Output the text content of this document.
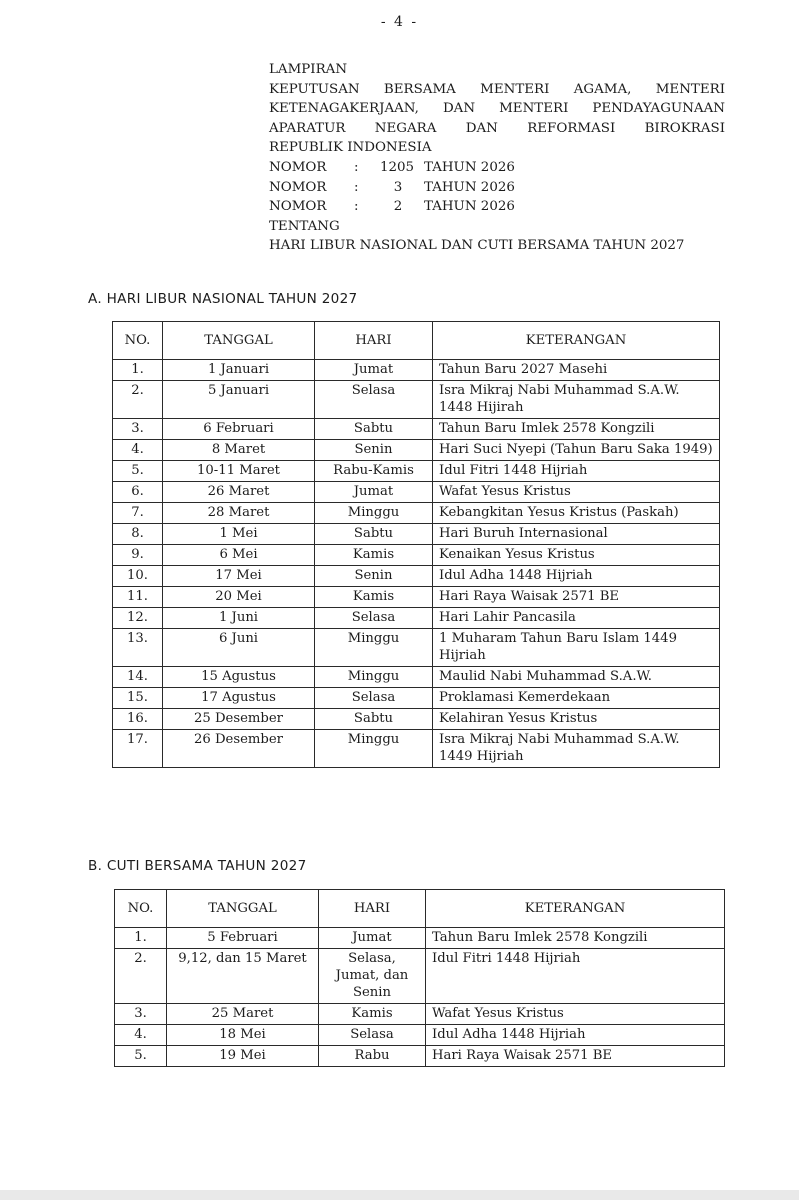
- 4 -
LAMPIRAN
KEPUTUSAN BERSAMA MENTERI AGAMA, MENTERI
KETENAGAKERJAAN, DAN MENTERI PENDAYAGUNAAN
APARATUR NEGARA DAN REFORMASI BIROKRASI
REPUBLIK INDONESIA
NOMOR	:	1205 TAHUN 2026
NOMOR	:	3	TAHUN 2026
NOMOR	:	2	TAHUN 2026
TENTANG
HARI LIBUR NASIONAL DAN CUTI BERSAMA TAHUN 2027
A. HARI LIBUR NASIONAL TAHUN 2027
NO.	TANGGAL	HARI	KETERANGAN
1.	1 Januari	Jumat	Tahun Baru 2027 Masehi
2.	5 Januari	Selasa	Isra Mikraj Nabi Muhammad S.A.W. 1448 Hijirah
3.	6 Februari	Sabtu	Tahun Baru Imlek 2578 Kongzili
4.	8 Maret	Senin	Hari Suci Nyepi (Tahun Baru Saka 1949)
5.	10-11 Maret	Rabu-Kamis	Idul Fitri 1448 Hijriah
6.	26 Maret	Jumat	Wafat Yesus Kristus
7.	28 Maret	Minggu	Kebangkitan Yesus Kristus (Paskah)
8.	1 Mei	Sabtu	Hari Buruh Internasional
9.	6 Mei	Kamis	Kenaikan Yesus Kristus
10.	17 Mei	Senin	Idul Adha 1448 Hijriah
11.	20 Mei	Kamis	Hari Raya Waisak 2571 BE
12.	1 Juni	Selasa	Hari Lahir Pancasila
13.	6 Juni	Minggu	1 Muharam Tahun Baru Islam 1449 Hijriah
14.	15 Agustus	Minggu	Maulid Nabi Muhammad S.A.W.
15.	17 Agustus	Selasa	Proklamasi Kemerdekaan
16.	25 Desember	Sabtu	Kelahiran Yesus Kristus
17.	26 Desember	Minggu	Isra Mikraj Nabi Muhammad S.A.W. 1449 Hijriah
B. CUTI BERSAMA TAHUN 2027
NO.	TANGGAL	HARI	KETERANGAN
1.	5 Februari	Jumat	Tahun Baru Imlek 2578 Kongzili
2.	9,12, dan 15 Maret	Selasa, Jumat, dan Senin	Idul Fitri 1448 Hijriah
3.	25 Maret	Kamis	Wafat Yesus Kristus
4.	18 Mei	Selasa	Idul Adha 1448 Hijriah
5.	19 Mei	Rabu	Hari Raya Waisak 2571 BE
